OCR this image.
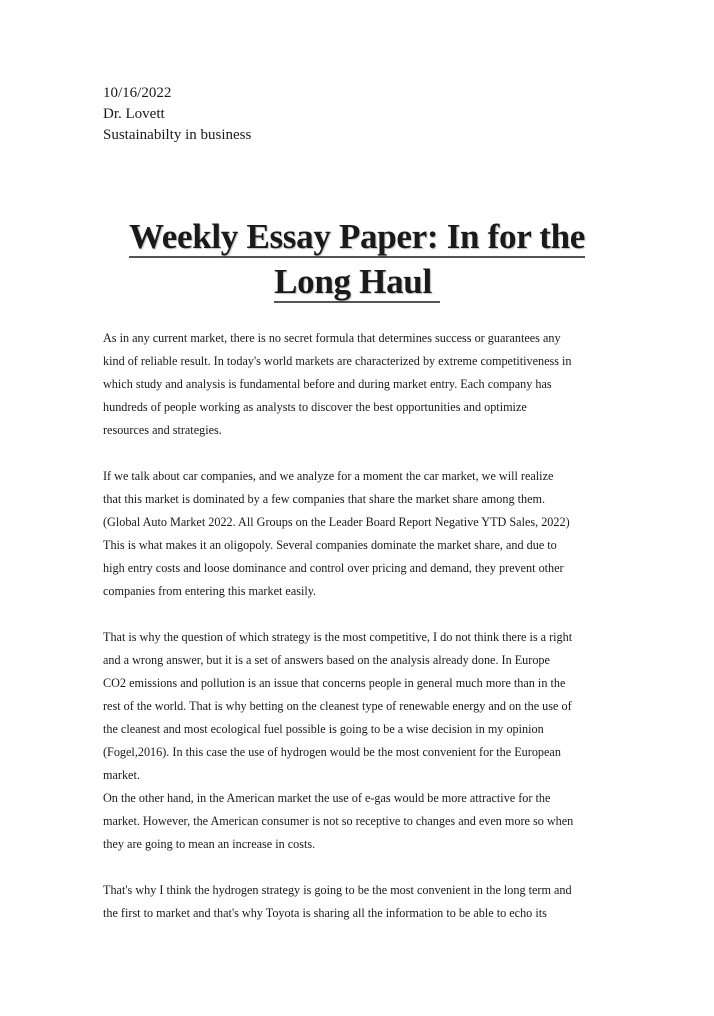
10/16/2022
Dr. Lovett
Sustainabilty in business
Weekly Essay Paper: In for the
Long Haul

As in any current market, there is no secret formula that determines success or guarantees any
kind of reliable result. In today's world markets are characterized by extreme competitiveness in
which study and analysis is fundamental before and during market entry. Each company has
hundreds of people working as analysts to discover the best opportunities and optimize
resources and strategies.

If we talk about car companies, and we analyze for a moment the car market, we will realize
that this market is dominated by a few companies that share the market share among them.
(Global Auto Market 2022. All Groups on the Leader Board Report Negative YTD Sales, 2022)
This is what makes it an oligopoly. Several companies dominate the market share, and due to
high entry costs and loose dominance and control over pricing and demand, they prevent other
companies from entering this market easily.

That is why the question of which strategy is the most competitive, I do not think there is a right
and a wrong answer, but it is a set of answers based on the analysis already done. In Europe
CO2 emissions and pollution is an issue that concerns people in general much more than in the
rest of the world. That is why betting on the cleanest type of renewable energy and on the use of
the cleanest and most ecological fuel possible is going to be a wise decision in my opinion
(Fogel,2016). In this case the use of hydrogen would be the most convenient for the European
market.
On the other hand, in the American market the use of e-gas would be more attractive for the
market. However, the American consumer is not so receptive to changes and even more so when
they are going to mean an increase in costs.

That's why I think the hydrogen strategy is going to be the most convenient in the long term and
the first to market and that's why Toyota is sharing all the information to be able to echo its
